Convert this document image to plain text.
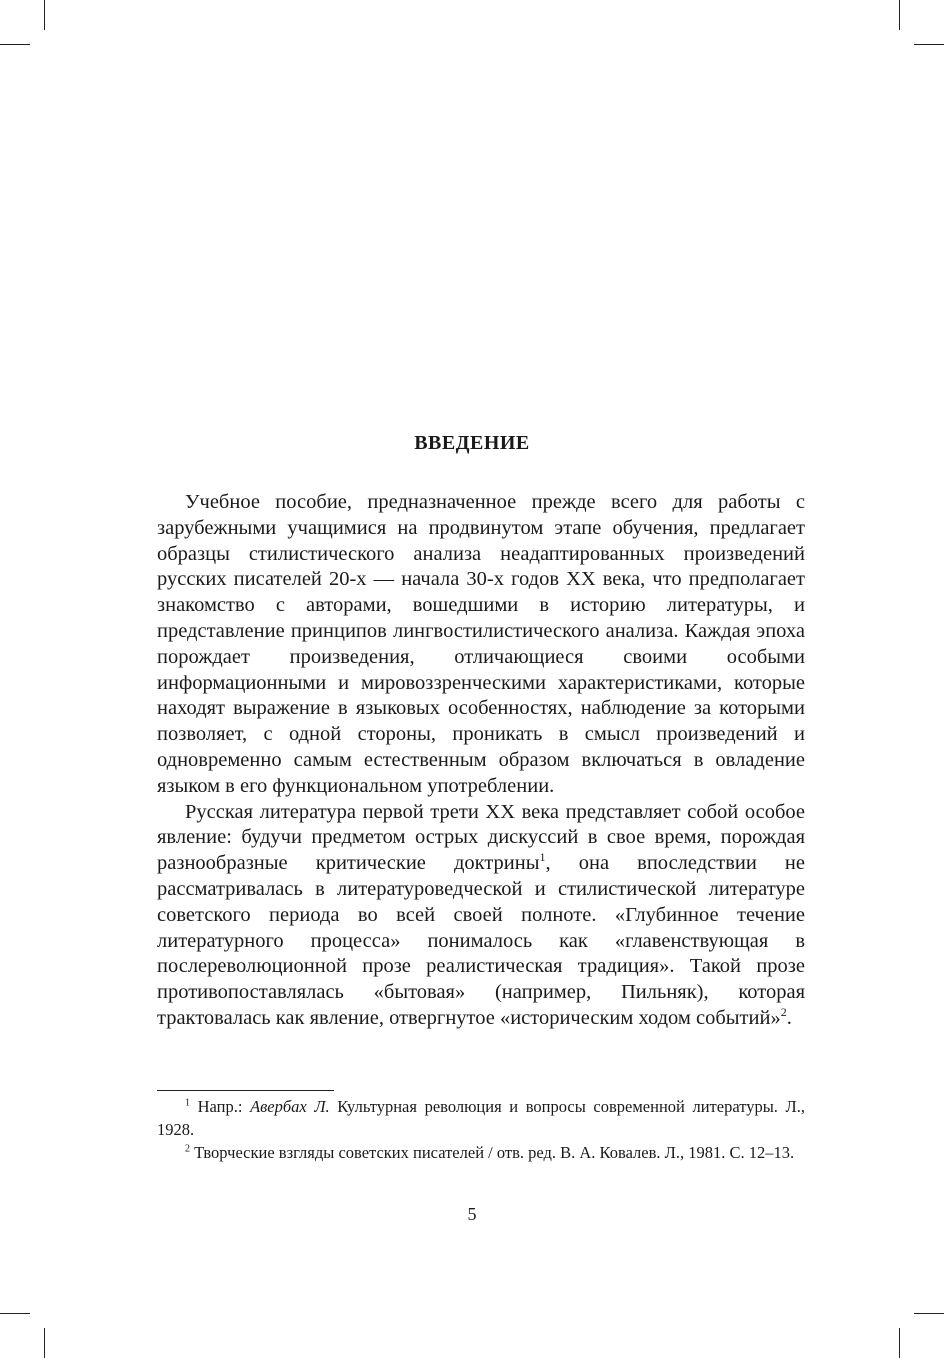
ВВЕДЕНИЕ

Учебное пособие, предназначенное прежде всего для работы с зарубежными учащимися на продвинутом этапе обучения, предлагает образцы стилистического анализа неадаптированных произведений русских писателей 20-х — начала 30-х годов XX века, что предполагает знакомство с авторами, вошедшими в историю литературы, и представление принципов лингвостилистического анализа. Каждая эпоха порождает произведения, отличающиеся своими особыми информационными и мировоззренческими характеристиками, которые находят выражение в языковых особенностях, наблюдение за которыми позволяет, с одной стороны, проникать в смысл произведений и одновременно самым естественным образом включаться в овладение языком в его функциональном употреблении.

Русская литература первой трети XX века представляет собой особое явление: будучи предметом острых дискуссий в свое время, порождая разнообразные критические доктрины$^1$, она впоследствии не рассматривалась в литературоведческой и стилистической литературе советского периода во всей своей полноте. «Глубинное течение литературного процесса» понималось как «главенствующая в послереволюционной прозе реалистическая традиция». Такой прозе противопоставлялась «бытовая» (например, Пильняк), которая трактовалась как явление, отвергнутое «историческим ходом событий»$^2$.

$^1$ Напр.: Авербах Л. Культурная революция и вопросы современной литературы. Л., 1928.

$^2$ Творческие взгляды советских писателей / отв. ред. В. А. Ковалев. Л., 1981. С. 12–13.

5
